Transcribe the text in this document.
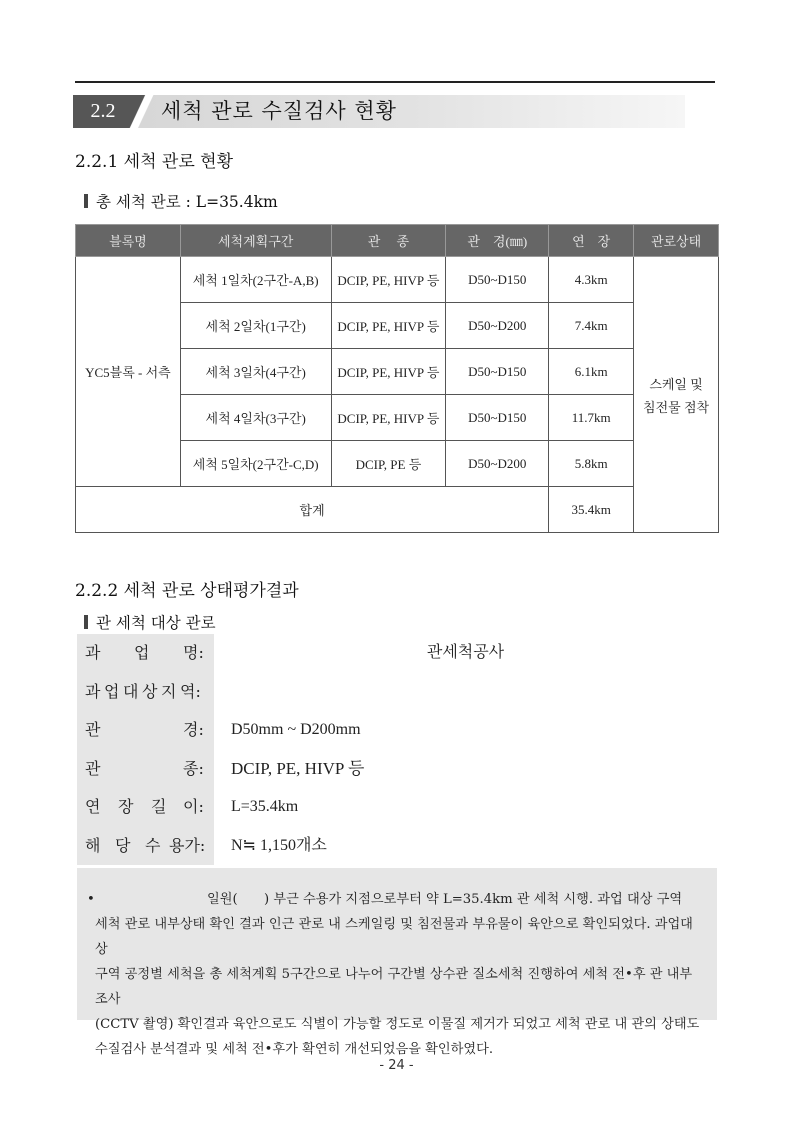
2.2	세척 관로 수질검사 현황
2.2.1 세척 관로 현황
총 세척 관로 : L=35.4km
블록명	세척계획구간	관　 종	관　경(㎜)	연　장	관로상태
YC5블록 - 서측	세척 1일차(2구간-A,B)	DCIP, PE, HIVP 등	D50~D150	4.3km	스케일 및
침전물 점착

	세척 2일차(1구간)	DCIP, PE, HIVP 등	D50~D200	7.4km	
	세척 3일차(4구간)	DCIP, PE, HIVP 등	D50~D150	6.1km	
	세척 4일차(3구간)	DCIP, PE, HIVP 등	D50~D150	11.7km	
	세척 5일차(2구간-C,D)	DCIP, PE 등	D50~D200	5.8km	
합계				35.4km	
2.2.2 세척 관로 상태평가결과
관 세척 대상 관로
과 업 명:	관세척공사
과 업 대 상 지 역:
관	경: D50mm ~ D200mm
관	종: DCIP, PE, HIVP 등
연 장 길 이: L=35.4km
해 당 수 용가: N≒ 1,150개소
•	일원(　　) 부근 수용가 지점으로부터 약 L=35.4km 관 세척 시행. 과업 대상 구역

세척 관로 내부상태 확인 결과 인근 관로 내 스케일링 및 침전물과 부유물이 육안으로 확인되었다. 과업대상

구역 공정별 세척을 총 세척계획 5구간으로 나누어 구간별 상수관 질소세척 진행하여 세척 전•후 관 내부 조사

(CCTV 촬영) 확인결과 육안으로도 식별이 가능할 정도로 이물질 제거가 되었고 세척 관로 내 관의 상태도

수질검사 분석결과 및 세척 전•후가 확연히 개선되었음을 확인하였다.

- 24 -
